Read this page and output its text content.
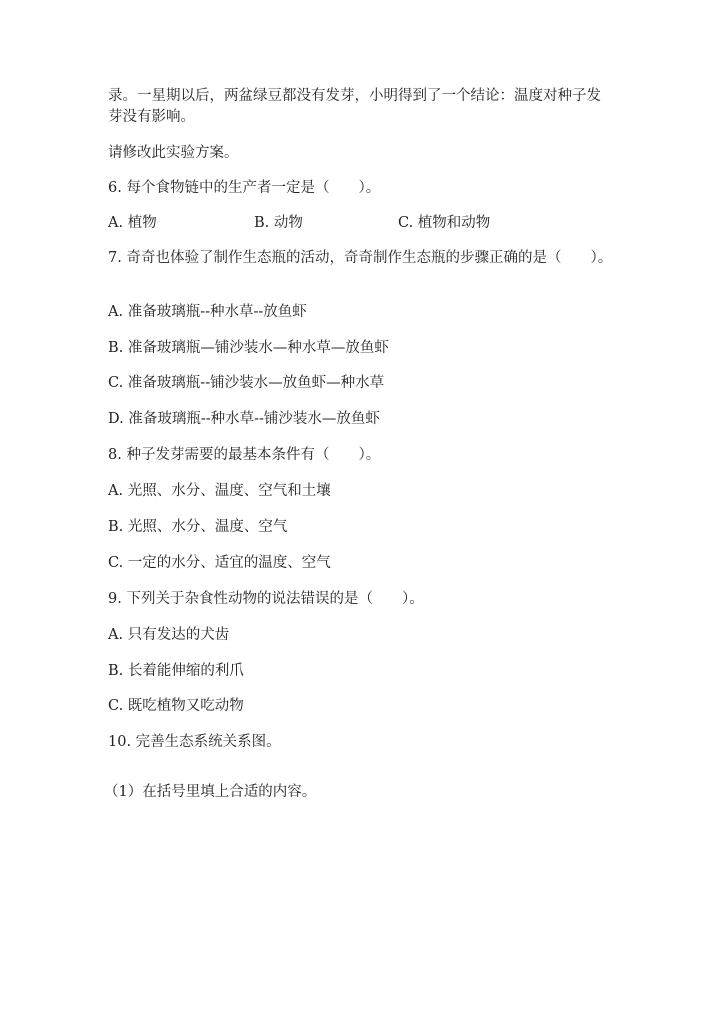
录。一星期以后，两盆绿豆都没有发芽，小明得到了一个结论：温度对种子发
芽没有影响。
请修改此实验方案。
6. 每个食物链中的生产者一定是（　　）。
A. 植物	B. 动物	C. 植物和动物
7. 奇奇也体验了制作生态瓶的活动，奇奇制作生态瓶的步骤正确的是（　　）。
A. 准备玻璃瓶--种水草--放鱼虾
B. 准备玻璃瓶—铺沙装水—种水草—放鱼虾
C. 准备玻璃瓶--铺沙装水—放鱼虾—种水草
D. 准备玻璃瓶--种水草--铺沙装水—放鱼虾
8. 种子发芽需要的最基本条件有（　　）。
A. 光照、水分、温度、空气和土壤
B. 光照、水分、温度、空气
C. 一定的水分、适宜的温度、空气
9. 下列关于杂食性动物的说法错误的是（　　）。
A. 只有发达的犬齿
B. 长着能伸缩的利爪
C. 既吃植物又吃动物
10. 完善生态系统关系图。
（1）在括号里填上合适的内容。
